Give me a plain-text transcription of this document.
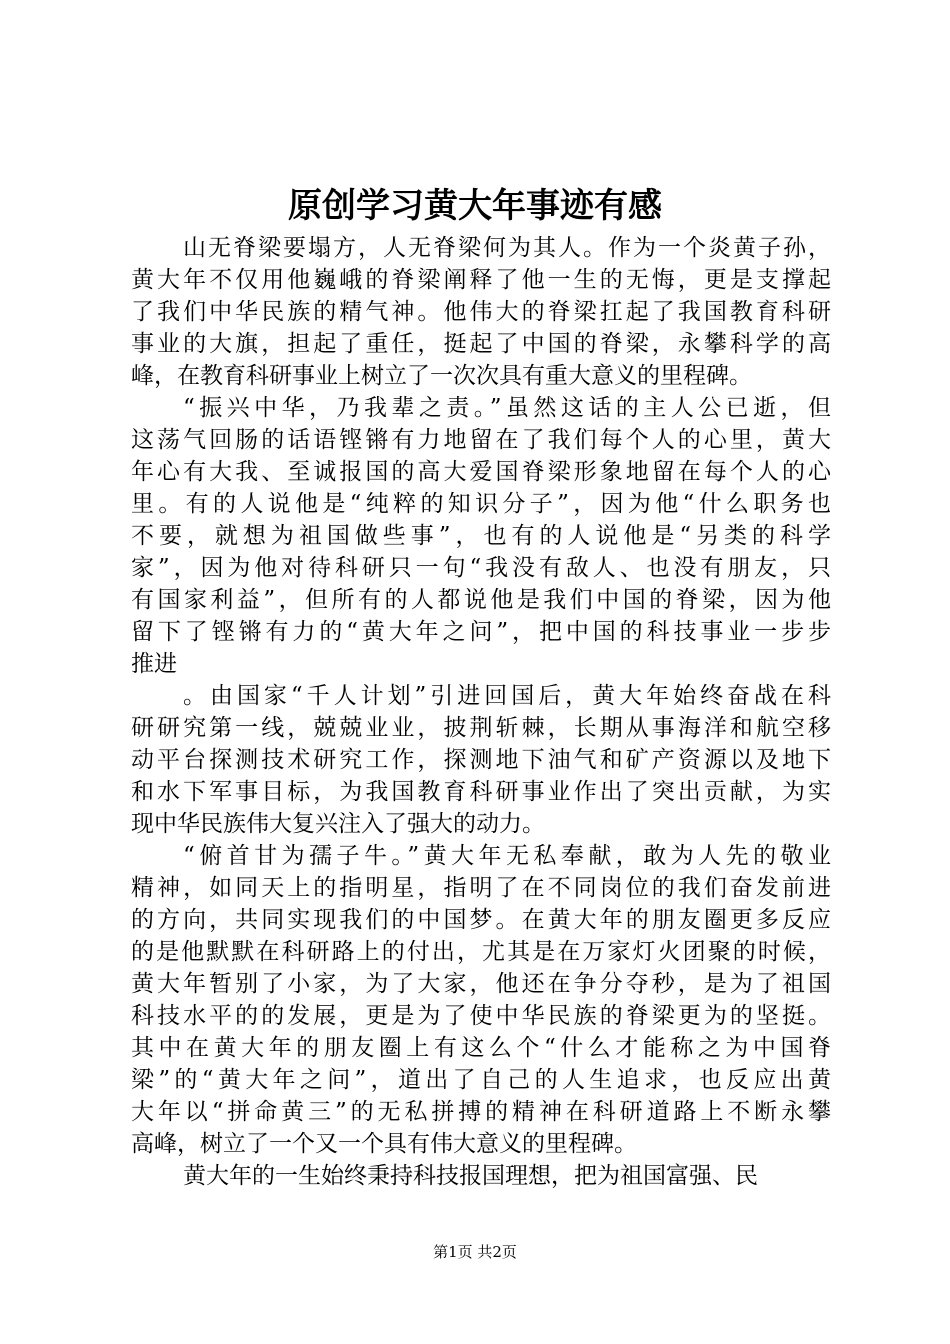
原创学习黄大年事迹有感
山无脊梁要塌方，人无脊梁何为其人。作为一个炎黄子孙，
黄大年不仅用他巍峨的脊梁阐释了他一生的无悔，更是支撑起
了我们中华民族的精气神。他伟大的脊梁扛起了我国教育科研
事业的大旗，担起了重任，挺起了中国的脊梁，永攀科学的高
峰，在教育科研事业上树立了一次次具有重大意义的里程碑。
“振兴中华，乃我辈之责。”虽然这话的主人公已逝，但
这荡气回肠的话语铿锵有力地留在了我们每个人的心里，黄大
年心有大我、至诚报国的高大爱国脊梁形象地留在每个人的心
里。有的人说他是“纯粹的知识分子”，因为他“什么职务也
不要，就想为祖国做些事”，也有的人说他是“另类的科学
家”，因为他对待科研只一句“我没有敌人、也没有朋友，只
有国家利益”，但所有的人都说他是我们中国的脊梁，因为他
留下了铿锵有力的“黄大年之问”，把中国的科技事业一步步
推进
。由国家“千人计划”引进回国后，黄大年始终奋战在科
研研究第一线，兢兢业业，披荆斩棘，长期从事海洋和航空移
动平台探测技术研究工作，探测地下油气和矿产资源以及地下
和水下军事目标，为我国教育科研事业作出了突出贡献，为实
现中华民族伟大复兴注入了强大的动力。
“俯首甘为孺子牛。”黄大年无私奉献，敢为人先的敬业
精神，如同天上的指明星，指明了在不同岗位的我们奋发前进
的方向，共同实现我们的中国梦。在黄大年的朋友圈更多反应
的是他默默在科研路上的付出，尤其是在万家灯火团聚的时候，
黄大年暂别了小家，为了大家，他还在争分夺秒，是为了祖国
科技水平的的发展，更是为了使中华民族的脊梁更为的坚挺。
其中在黄大年的朋友圈上有这么个“什么才能称之为中国脊
梁”的“黄大年之问”，道出了自己的人生追求，也反应出黄
大年以“拼命黄三”的无私拼搏的精神在科研道路上不断永攀
高峰，树立了一个又一个具有伟大意义的里程碑。
黄大年的一生始终秉持科技报国理想，把为祖国富强、民
第1页 共2页
